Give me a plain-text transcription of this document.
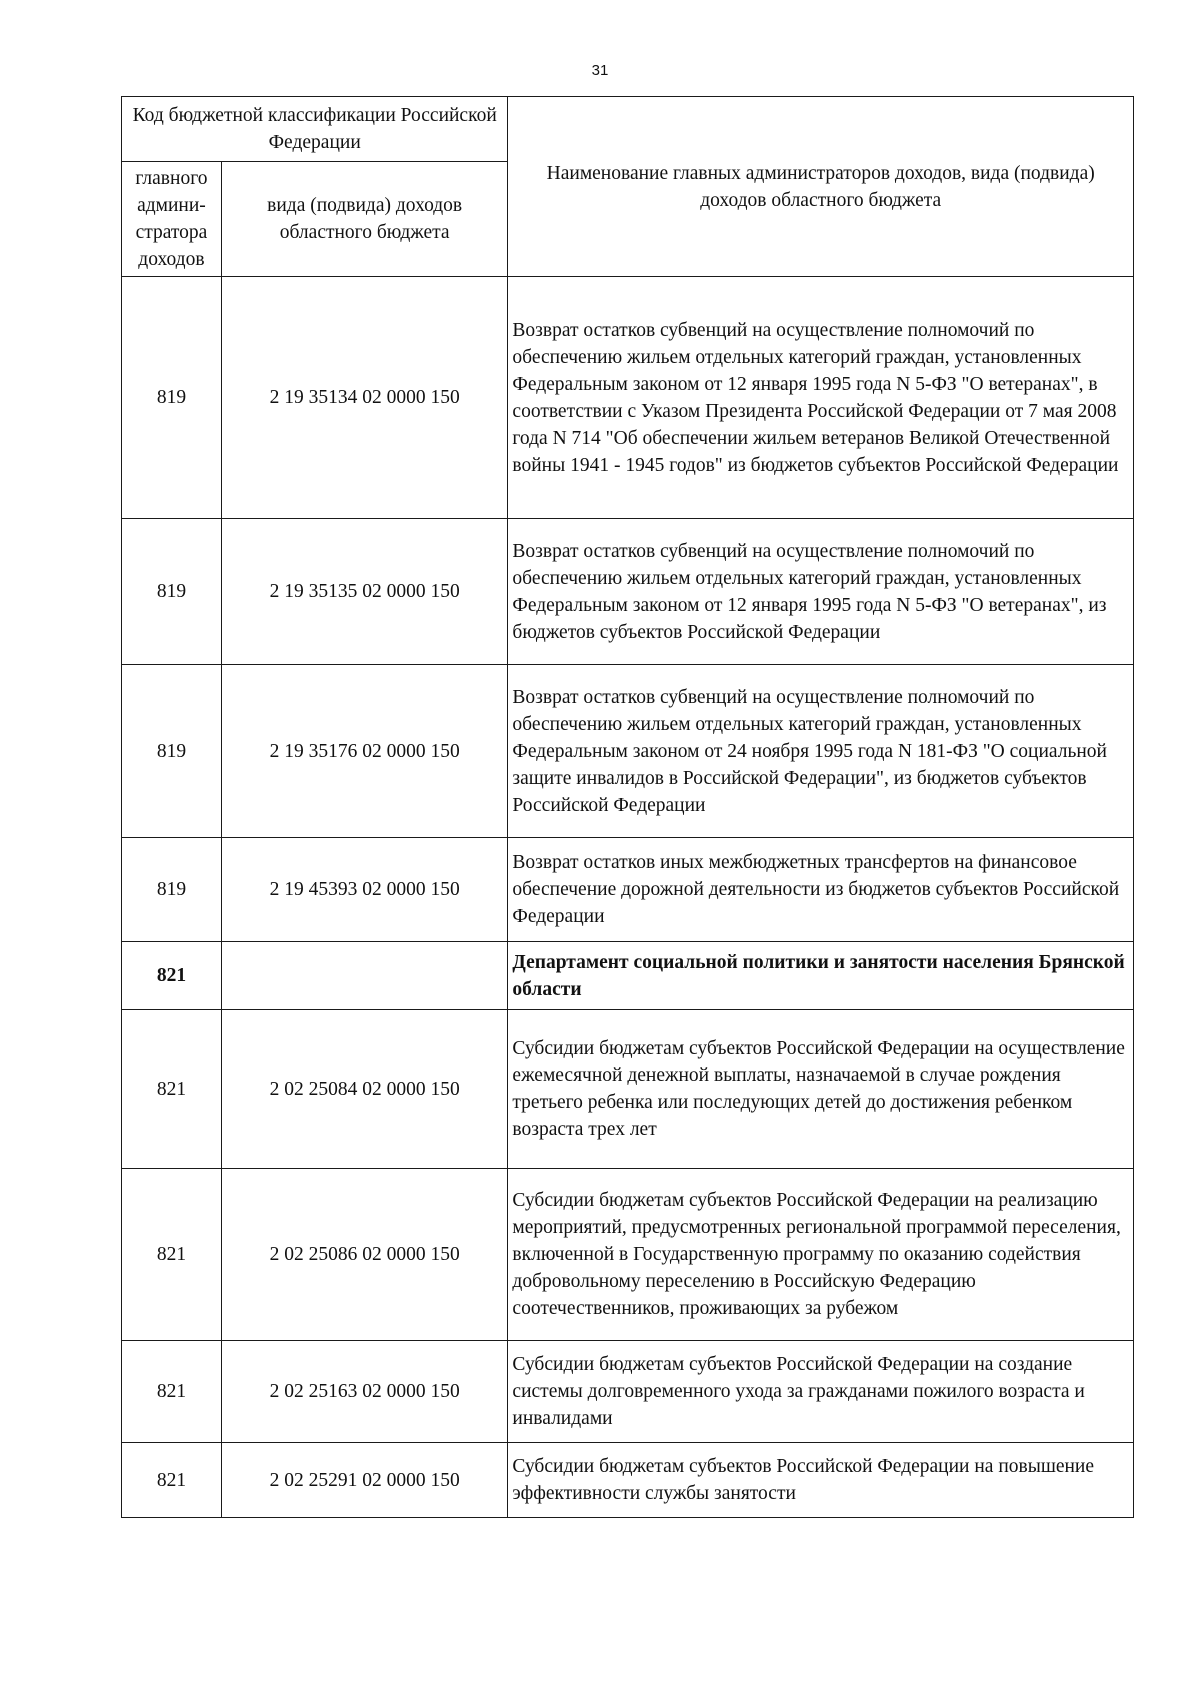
31
Код бюджетной классификации Российской Федерации		Наименование главных администраторов доходов, вида (подвида) доходов областного бюджета
главного админи-стратора доходов	вида (подвида) доходов областного бюджета	
819	2 19 35134 02 0000 150	Возврат остатков субвенций на осуществление полномочий по обеспечению жильем отдельных категорий граждан, установленных Федеральным законом от 12 января 1995 года N 5-ФЗ "О ветеранах", в соответствии с Указом Президента Российской Федерации от 7 мая 2008 года N 714 "Об обеспечении жильем ветеранов Великой Отечественной войны 1941 - 1945 годов" из бюджетов субъектов Российской Федерации
819	2 19 35135 02 0000 150	Возврат остатков субвенций на осуществление полномочий по обеспечению жильем отдельных категорий граждан, установленных Федеральным законом от 12 января 1995 года N 5-ФЗ "О ветеранах", из бюджетов субъектов Российской Федерации
819	2 19 35176 02 0000 150	Возврат остатков субвенций на осуществление полномочий по обеспечению жильем отдельных категорий граждан, установленных Федеральным законом от 24 ноября 1995 года N 181-ФЗ "О социальной защите инвалидов в Российской Федерации", из бюджетов субъектов Российской Федерации
819	2 19 45393 02 0000 150	Возврат остатков иных межбюджетных трансфертов на финансовое обеспечение дорожной деятельности из бюджетов субъектов Российской Федерации
821		Департамент социальной политики и занятости населения Брянской области
821	2 02 25084 02 0000 150	Субсидии бюджетам субъектов Российской Федерации на осуществление ежемесячной денежной выплаты, назначаемой в случае рождения третьего ребенка или последующих детей до достижения ребенком возраста трех лет
821	2 02 25086 02 0000 150	Субсидии бюджетам субъектов Российской Федерации на реализацию мероприятий, предусмотренных региональной программой переселения, включенной в Государственную программу по оказанию содействия добровольному переселению в Российскую Федерацию соотечественников, проживающих за рубежом
821	2 02 25163 02 0000 150	Субсидии бюджетам субъектов Российской Федерации на создание системы долговременного ухода за гражданами пожилого возраста и инвалидами
821	2 02 25291 02 0000 150	Субсидии бюджетам субъектов Российской Федерации на повышение эффективности службы занятости
